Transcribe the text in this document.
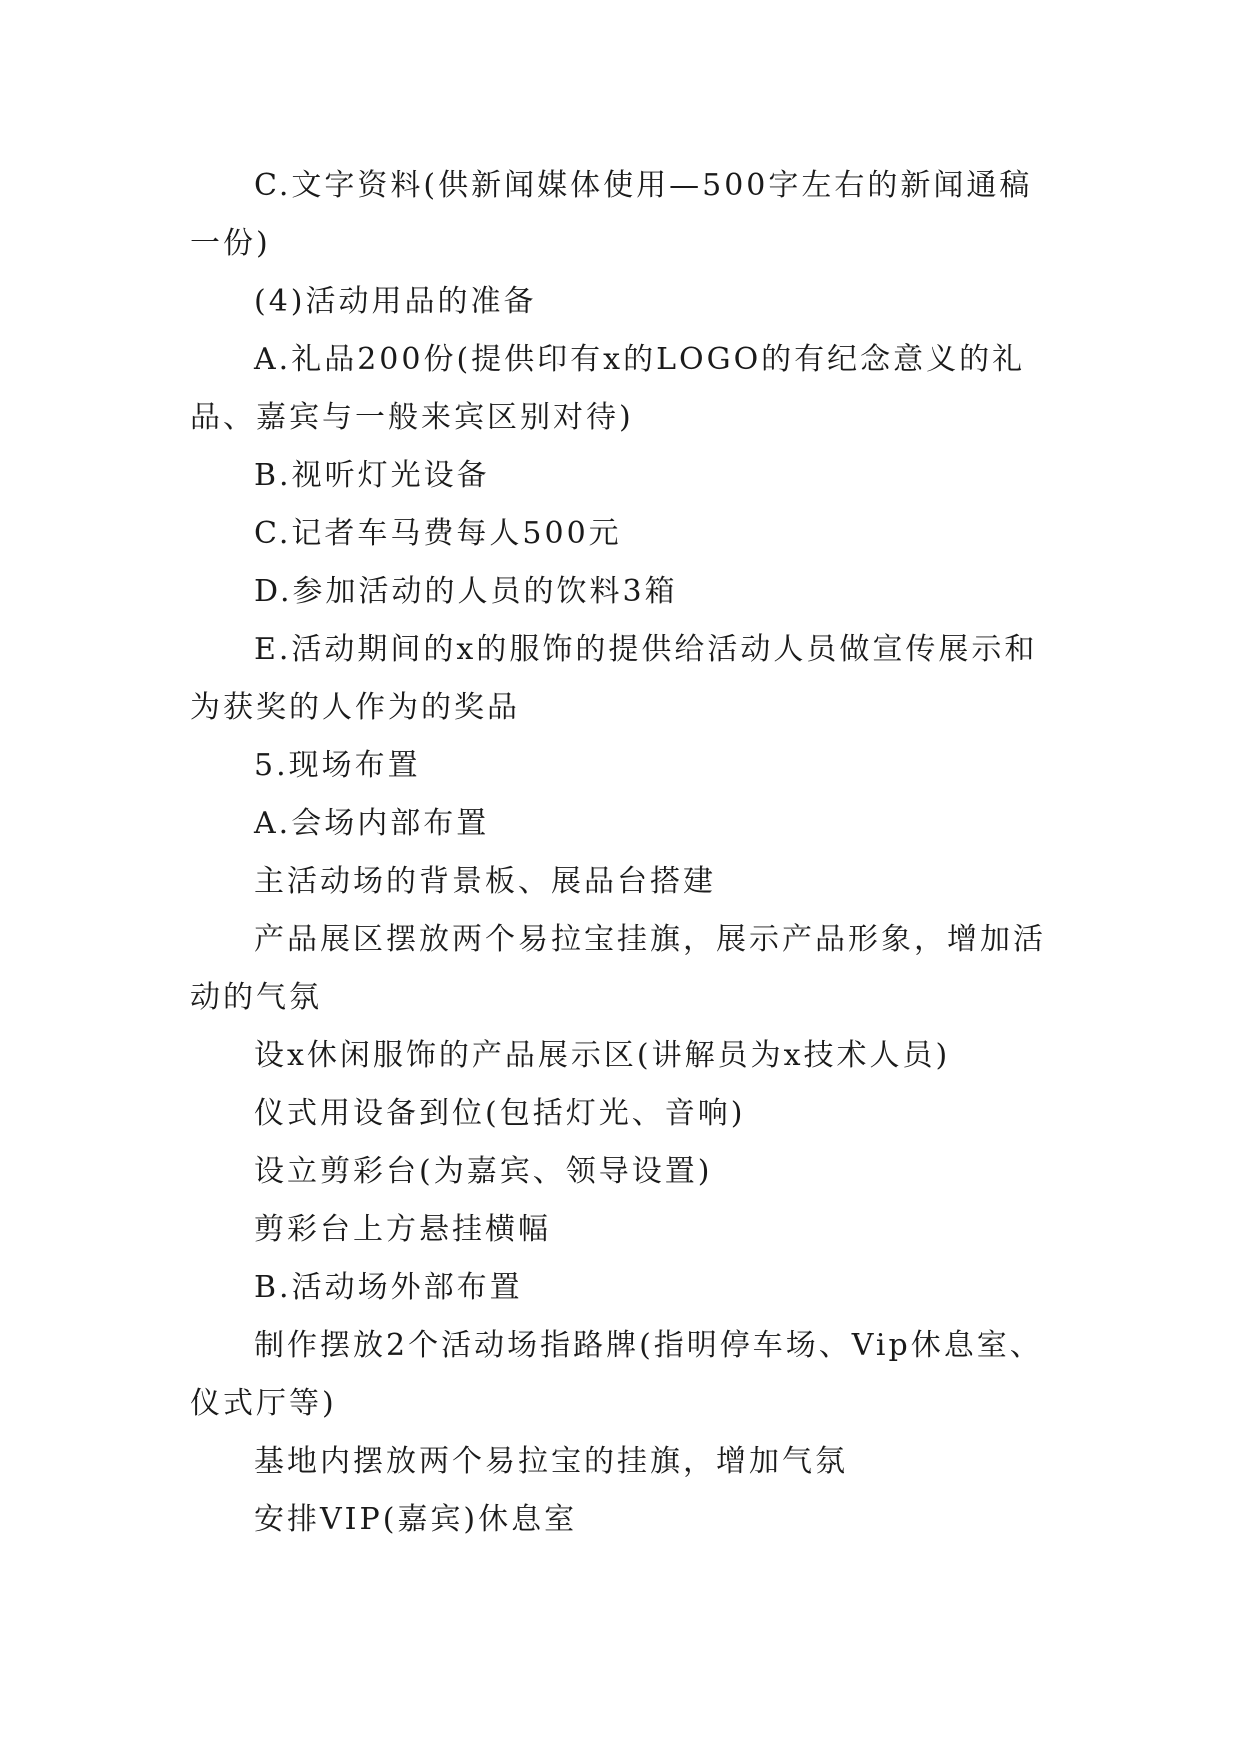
C.文字资料(供新闻媒体使用—500字左右的新闻通稿一份)

(4)活动用品的准备

A.礼品200份(提供印有x的LOGO的有纪念意义的礼品、嘉宾与一般来宾区别对待)

B.视听灯光设备

C.记者车马费每人500元

D.参加活动的人员的饮料3箱

E.活动期间的x的服饰的提供给活动人员做宣传展示和为获奖的人作为的奖品

5.现场布置

A.会场内部布置

主活动场的背景板、展品台搭建

产品展区摆放两个易拉宝挂旗，展示产品形象，增加活动的气氛

设x休闲服饰的产品展示区(讲解员为x技术人员)

仪式用设备到位(包括灯光、音响)

设立剪彩台(为嘉宾、领导设置)

剪彩台上方悬挂横幅

B.活动场外部布置

制作摆放2个活动场指路牌(指明停车场、Vip休息室、仪式厅等)

基地内摆放两个易拉宝的挂旗，增加气氛

安排VIP(嘉宾)休息室
